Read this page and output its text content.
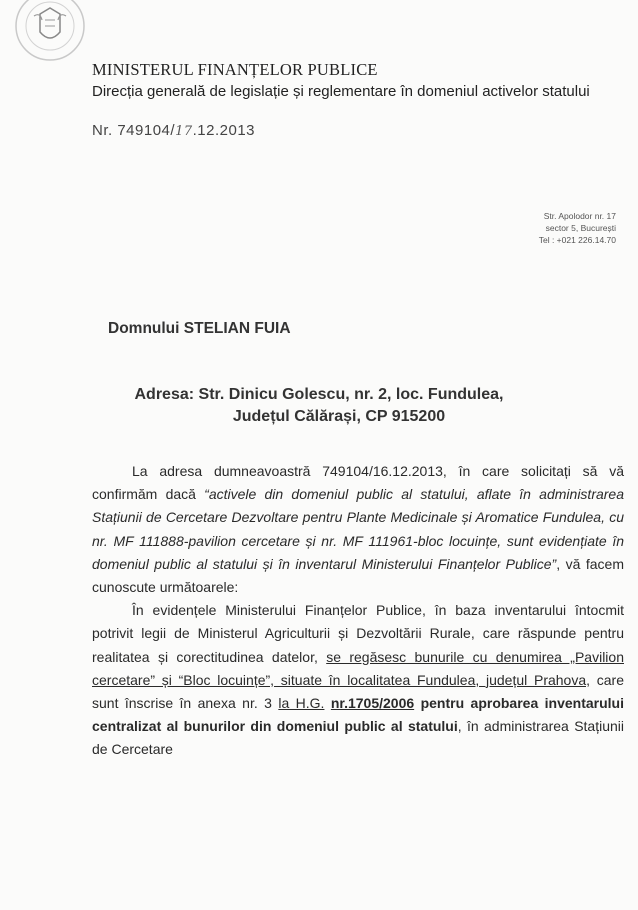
MINISTERUL FINANȚELOR PUBLICE
Direcția generală de legislație și reglementare în domeniul activelor statului
Nr. 749104/17.12.2013
Str. Apolodor nr. 17
sector 5, București
Tel : +021 226.14.70
Domnului STELIAN FUIA
Adresa: Str. Dinicu Golescu, nr. 2, loc. Fundulea,
Județul Călărași, CP 915200

La adresa dumneavoastră 749104/16.12.2013, în care solicitați să vă confirmăm dacă “activele din domeniul public al statului, aflate în administrarea Stațiunii de Cercetare Dezvoltare pentru Plante Medicinale și Aromatice Fundulea, cu nr. MF 111888-pavilion cercetare și nr. MF 111961-bloc locuințe, sunt evidențiate în domeniul public al statului și în inventarul Ministerului Finanțelor Publice”, vă facem cunoscute următoarele:

În evidențele Ministerului Finanțelor Publice, în baza inventarului întocmit potrivit legii de Ministerul Agriculturii și Dezvoltării Rurale, care răspunde pentru realitatea și corectitudinea datelor, se regăsesc bunurile cu denumirea „Pavilion cercetare” și “Bloc locuințe”, situate în localitatea Fundulea, județul Prahova, care sunt înscrise în anexa nr. 3 la H.G. nr.1705/2006 pentru aprobarea inventarului centralizat al bunurilor din domeniul public al statului, în administrarea Stațiunii de Cercetare
